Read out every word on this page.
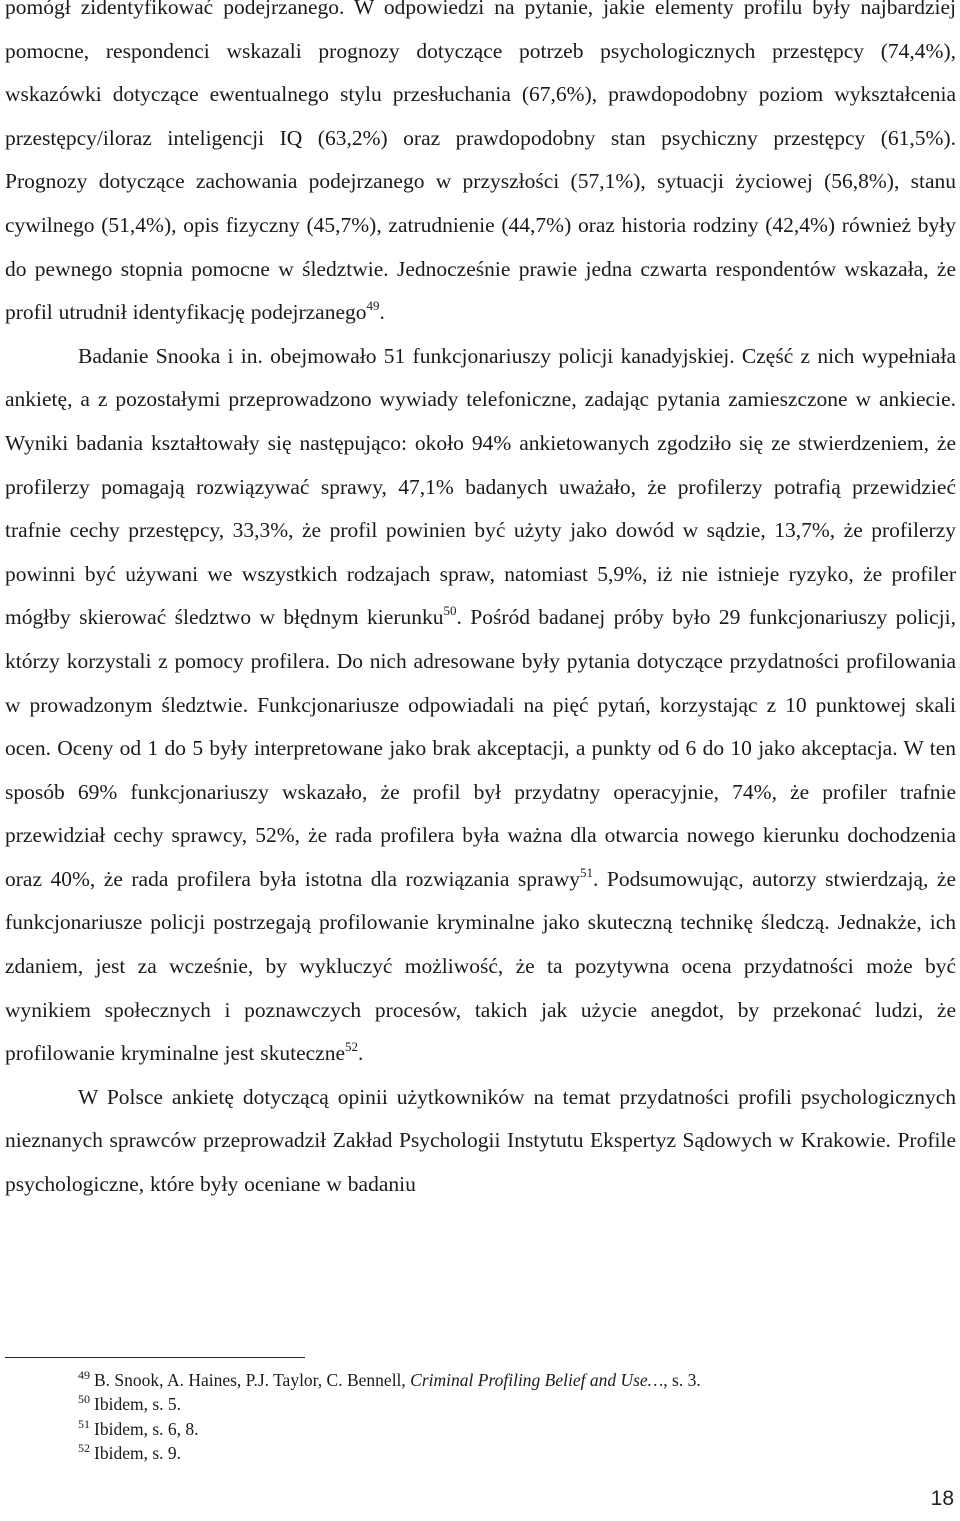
pomógł zidentyfikować podejrzanego. W odpowiedzi na pytanie, jakie elementy profilu były najbardziej pomocne, respondenci wskazali prognozy dotyczące potrzeb psychologicznych przestępcy (74,4%), wskazówki dotyczące ewentualnego stylu przesłuchania (67,6%), prawdopodobny poziom wykształcenia przestępcy/iloraz inteligencji IQ (63,2%) oraz prawdopodobny stan psychiczny przestępcy (61,5%). Prognozy dotyczące zachowania podejrzanego w przyszłości (57,1%), sytuacji życiowej (56,8%), stanu cywilnego (51,4%), opis fizyczny (45,7%), zatrudnienie (44,7%) oraz historia rodziny (42,4%) również były do pewnego stopnia pomocne w śledztwie. Jednocześnie prawie jedna czwarta respondentów wskazała, że profil utrudnił identyfikację podejrzanego$^{49}$.

Badanie Snooka i in. obejmowało 51 funkcjonariuszy policji kanadyjskiej. Część z nich wypełniała ankietę, a z pozostałymi przeprowadzono wywiady telefoniczne, zadając pytania zamieszczone w ankiecie. Wyniki badania kształtowały się następująco: około 94% ankietowanych zgodziło się ze stwierdzeniem, że profilerzy pomagają rozwiązywać sprawy, 47,1% badanych uważało, że profilerzy potrafią przewidzieć trafnie cechy przestępcy, 33,3%, że profil powinien być użyty jako dowód w sądzie, 13,7%, że profilerzy powinni być używani we wszystkich rodzajach spraw, natomiast 5,9%, iż nie istnieje ryzyko, że profiler mógłby skierować śledztwo w błędnym kierunku$^{50}$. Pośród badanej próby było 29 funkcjonariuszy policji, którzy korzystali z pomocy profilera. Do nich adresowane były pytania dotyczące przydatności profilowania w prowadzonym śledztwie. Funkcjonariusze odpowiadali na pięć pytań, korzystając z 10 punktowej skali ocen. Oceny od 1 do 5 były interpretowane jako brak akceptacji, a punkty od 6 do 10 jako akceptacja. W ten sposób 69% funkcjonariuszy wskazało, że profil był przydatny operacyjnie, 74%, że profiler trafnie przewidział cechy sprawcy, 52%, że rada profilera była ważna dla otwarcia nowego kierunku dochodzenia oraz 40%, że rada profilera była istotna dla rozwiązania sprawy$^{51}$. Podsumowując, autorzy stwierdzają, że funkcjonariusze policji postrzegają profilowanie kryminalne jako skuteczną technikę śledczą. Jednakże, ich zdaniem, jest za wcześnie, by wykluczyć możliwość, że ta pozytywna ocena przydatności może być wynikiem społecznych i poznawczych procesów, takich jak użycie anegdot, by przekonać ludzi, że profilowanie kryminalne jest skuteczne$^{52}$.

W Polsce ankietę dotyczącą opinii użytkowników na temat przydatności profili psychologicznych nieznanych sprawców przeprowadził Zakład Psychologii Instytutu Ekspertyz Sądowych w Krakowie. Profile psychologiczne, które były oceniane w badaniu

$^{49}$ B. Snook, A. Haines, P.J. Taylor, C. Bennell, Criminal Profiling Belief and Use…, s. 3.
$^{50}$ Ibidem, s. 5.
$^{51}$ Ibidem, s. 6, 8.
$^{52}$ Ibidem, s. 9.
18
